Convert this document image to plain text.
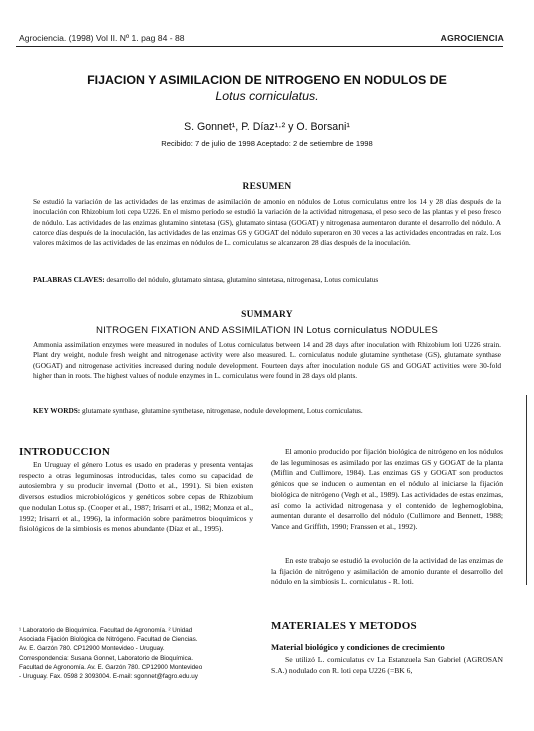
Agrociencia. (1998) Vol II. Nº 1. pag 84 - 88	AGROCIENCIA
FIJACION Y ASIMILACION DE NITROGENO EN NODULOS DE
Lotus corniculatus.
S. Gonnet¹, P. Díaz¹·² y O. Borsani¹
Recibido: 7 de julio de 1998 Aceptado: 2 de setiembre de 1998
RESUMEN
Se estudió la variación de las actividades de las enzimas de asimilación de amonio en nódulos de Lotus corniculatus entre los 14 y 28 días después de la inoculación con Rhizobium loti cepa U226. En el mismo período se estudió la variación de la actividad nitrogenasa, el peso seco de las plantas y el peso fresco de nódulo. Las actividades de las enzimas glutamino sintetasa (GS), glutamato sintasa (GOGAT) y nitrogenasa aumentaron durante el desarrollo del nódulo. A catorce días después de la inoculación, las actividades de las enzimas GS y GOGAT del nódulo superaron en 30 veces a las actividades encontradas en raíz. Los valores máximos de las actividades de las enzimas en nódulos de L. corniculatus se alcanzaron 28 días después de la inoculación.
PALABRAS CLAVES: desarrollo del nódulo, glutamato sintasa, glutamino sintetasa, nitrogenasa, Lotus corniculatus
SUMMARY
NITROGEN FIXATION AND ASSIMILATION IN Lotus corniculatus NODULES
Ammonia assimilation enzymes were measured in nodules of Lotus corniculatus between 14 and 28 days after inoculation with Rhizobium loti U226 strain. Plant dry weight, nodule fresh weight and nitrogenase activity were also measured. L. corniculatus nodule glutamine synthetase (GS), glutamate synthase (GOGAT) and nitrogenase activities increased during nodule development. Fourteen days after inoculation nodule GS and GOGAT activities were 30-fold higher than in roots. The highest values of nodule enzymes in L. corniculatus were found in 28 days old plants.
KEY WORDS: glutamate synthase, glutamine synthetase, nitrogenase, nodule development, Lotus corniculatus.
INTRODUCCION
En Uruguay el género Lotus es usado en praderas y presenta ventajas respecto a otras leguminosas introducidas, tales como su capacidad de autosiembra y su producir invernal (Dotto et al., 1991). Si bien existen diversos estudios microbiológicos y genéticos sobre cepas de Rhizobium que nodulan Lotus sp. (Cooper et al., 1987; Irisarri et al., 1982; Monza et al., 1992; Irisarri et al., 1996), la información sobre parámetros bioquímicos y fisiológicos de la simbiosis es menos abundante (Díaz et al., 1995).
¹ Laboratorio de Bioquímica. Facultad de Agronomía. ² Unidad
Asociada Fijación Biológica de Nitrógeno. Facultad de Ciencias.
Av. E. Garzón 780. CP12900 Montevideo - Uruguay.
Correspondencia: Susana Gonnet, Laboratorio de Bioquímica.
Facultad de Agronomía. Av. E. Garzón 780. CP12900 Montevideo
- Uruguay. Fax. 0598 2 3093004. E-mail: sgonnet@fagro.edu.uy
El amonio producido por fijación biológica de nitrógeno en los nódulos de las leguminosas es asimilado por las enzimas GS y GOGAT de la planta (Miflin and Cullimore, 1984). Las enzimas GS y GOGAT son productos génicos que se inducen o aumentan en el nódulo al iniciarse la fijación biológica de nitrógeno (Vegh et al., 1989). Las actividades de estas enzimas, así como la actividad nitrogenasa y el contenido de leghemoglobina, aumentan durante el desarrollo del nódulo (Cullimore and Bennett, 1988; Vance and Griffith, 1990; Franssen et al., 1992).
En este trabajo se estudió la evolución de la actividad de las enzimas de la fijación de nitrógeno y asimilación de amonio durante el desarrollo del nódulo en la simbiosis L. corniculatus - R. loti.
MATERIALES Y METODOS
Material biológico y condiciones de crecimiento
Se utilizó L. corniculatus cv La Estanzuela San Gabriel (AGROSAN S.A.) nodulado con R. loti cepa U226 (=BK 6,
